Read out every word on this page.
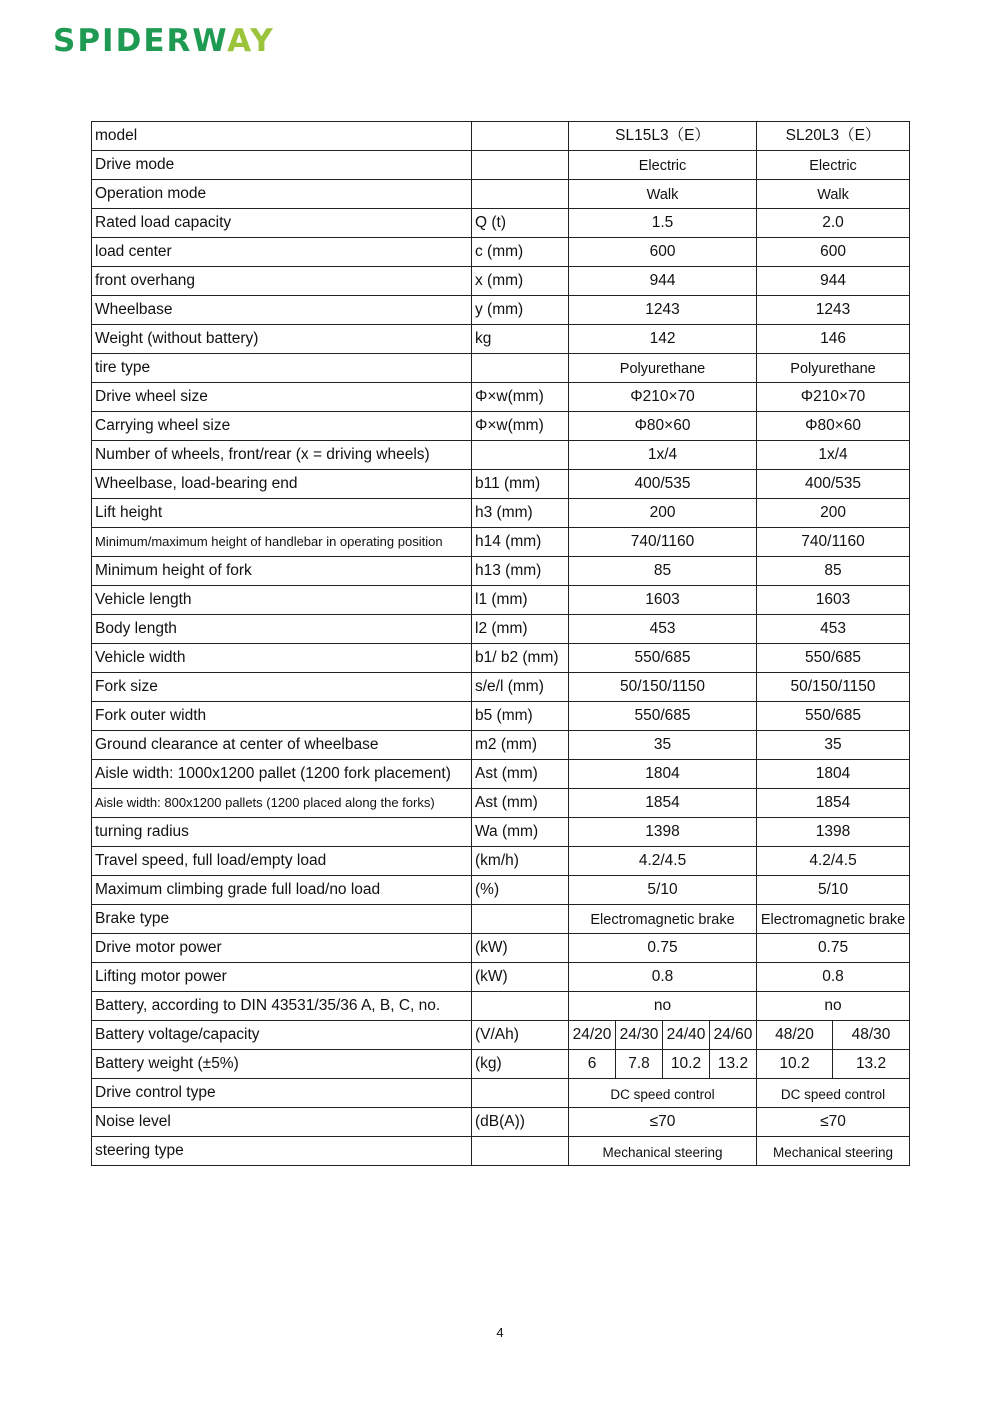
SPIDERWAY
model		SL15L3（E）				SL20L3（E）	
Drive mode		Electric				Electric	
Operation mode		Walk				Walk	
Rated load capacity	Q (t)	1.5				2.0	
load center	c (mm)	600				600	
front overhang	x (mm)	944				944	
Wheelbase	y (mm)	1243				1243	
Weight (without battery)	kg	142				146	
tire type		Polyurethane				Polyurethane	
Drive wheel size	Φ×w(mm)	Φ210×70				Φ210×70	
Carrying wheel size	Φ×w(mm)	Φ80×60				Φ80×60	
Number of wheels, front/rear (x = driving wheels)		1x/4				1x/4	
Wheelbase, load-bearing end	b11 (mm)	400/535				400/535	
Lift height	h3 (mm)	200				200	
Minimum/maximum height of handlebar in operating position	h14 (mm)	740/1160				740/1160	
Minimum height of fork	h13 (mm)	85				85	
Vehicle length	l1 (mm)	1603				1603	
Body length	l2 (mm)	453				453	
Vehicle width	b1/ b2 (mm)	550/685				550/685	
Fork size	s/e/l (mm)	50/150/1150				50/150/1150	
Fork outer width	b5 (mm)	550/685				550/685	
Ground clearance at center of wheelbase	m2 (mm)	35				35	
Aisle width: 1000x1200 pallet (1200 fork placement)	Ast (mm)	1804				1804	
Aisle width: 800x1200 pallets (1200 placed along the forks)	Ast (mm)	1854				1854	
turning radius	Wa (mm)	1398				1398	
Travel speed, full load/empty load	(km/h)	4.2/4.5				4.2/4.5	
Maximum climbing grade full load/no load	(%)	5/10				5/10	
Brake type		Electromagnetic brake				Electromagnetic brake	
Drive motor power	(kW)	0.75				0.75	
Lifting motor power	(kW)	0.8				0.8	
Battery, according to DIN 43531/35/36 A, B, C, no.		no				no	
Battery voltage/capacity	(V/Ah)	24/20	24/30	24/40	24/60	48/20	48/30
Battery weight (±5%)	(kg)	6	7.8	10.2	13.2	10.2	13.2
Drive control type		DC speed control				DC speed control	
Noise level	(dB(A))	≤70				≤70	
steering type		Mechanical steering				Mechanical steering	
4
